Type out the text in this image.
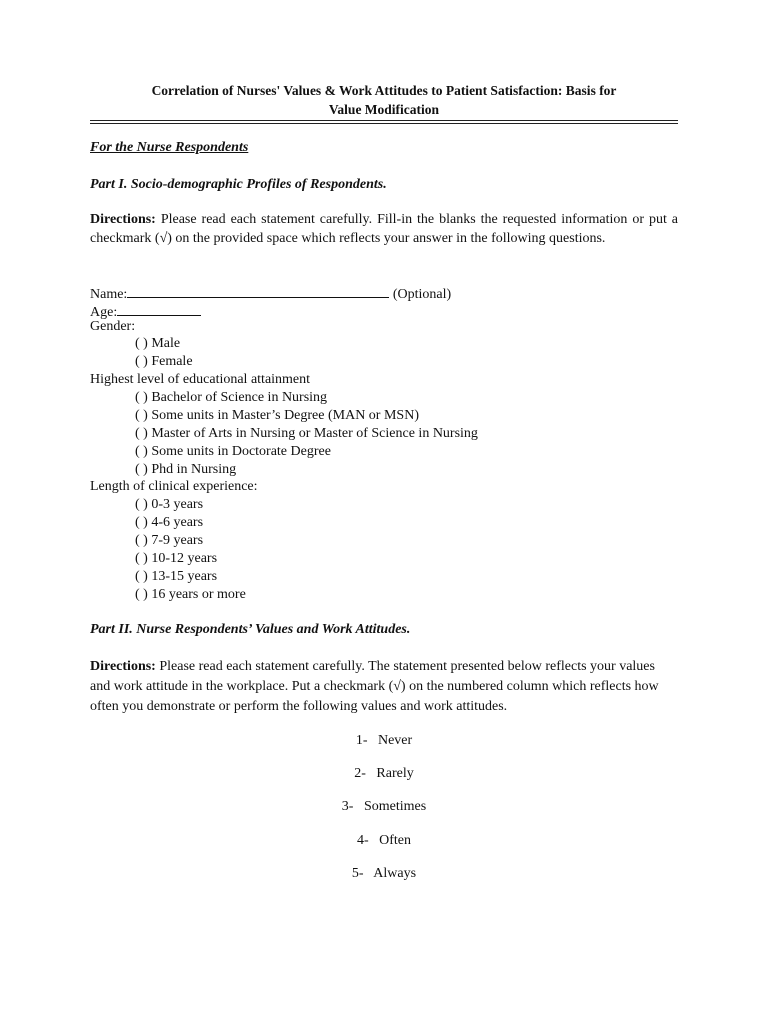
Correlation of Nurses' Values & Work Attitudes to Patient Satisfaction: Basis for
Value Modification
For the Nurse Respondents
Part I. Socio-demographic Profiles of Respondents.
Directions: Please read each statement carefully. Fill-in the blanks the requested information or put a checkmark (√) on the provided space which reflects your answer in the following questions.
Name:	(Optional)
Age:
Gender:
( ) Male
( ) Female
Highest level of educational attainment
( ) Bachelor of Science in Nursing
( ) Some units in Master’s Degree (MAN or MSN)
( ) Master of Arts in Nursing or Master of Science in Nursing
( ) Some units in Doctorate Degree
( ) Phd in Nursing
Length of clinical experience:
( ) 0-3 years
( ) 4-6 years
( ) 7-9 years
( ) 10-12 years
( ) 13-15 years
( ) 16 years or more
Part II. Nurse Respondents’ Values and Work Attitudes.
Directions: Please read each statement carefully. The statement presented below reflects your values and work attitude in the workplace. Put a checkmark (√) on the numbered column which reflects how often you demonstrate or perform the following values and work attitudes.
1-   Never
2-   Rarely
3-   Sometimes
4-   Often
5-   Always
